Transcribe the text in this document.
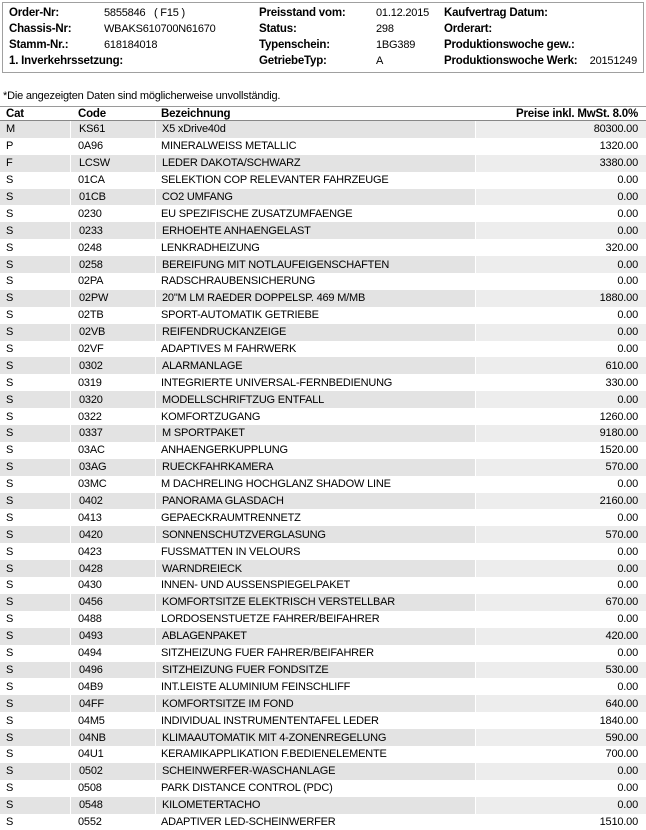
Order-Nr:	5855846   ( F15 )	Preisstand vom:	01.12.2015	Kaufvertrag Datum:
Chassis-Nr:	WBAKS610700N61670	Status:	298	Orderart:
Stamm-Nr.:	618184018	Typenschein:	1BG389	Produktionswoche gew.:
1. Inverkehrssetzung:	GetriebeTyp:	A	Produktionswoche Werk:	20151249
*Die angezeigten Daten sind möglicherweise unvollständig.
Cat	Code	Bezeichnung	Preise inkl. MwSt. 8.0%
M	KS61	X5 xDrive40d	80300.00
P	0A96	MINERALWEISS METALLIC	1320.00
F	LCSW	LEDER DAKOTA/SCHWARZ	3380.00
S	01CA	SELEKTION COP RELEVANTER FAHRZEUGE	0.00
S	01CB	CO2 UMFANG	0.00
S	0230	EU SPEZIFISCHE ZUSATZUMFAENGE	0.00
S	0233	ERHOEHTE ANHAENGELAST	0.00
S	0248	LENKRADHEIZUNG	320.00
S	0258	BEREIFUNG MIT NOTLAUFEIGENSCHAFTEN	0.00
S	02PA	RADSCHRAUBENSICHERUNG	0.00
S	02PW	20"M LM RAEDER DOPPELSP. 469 M/MB	1880.00
S	02TB	SPORT-AUTOMATIK GETRIEBE	0.00
S	02VB	REIFENDRUCKANZEIGE	0.00
S	02VF	ADAPTIVES M FAHRWERK	0.00
S	0302	ALARMANLAGE	610.00
S	0319	INTEGRIERTE UNIVERSAL-FERNBEDIENUNG	330.00
S	0320	MODELLSCHRIFTZUG ENTFALL	0.00
S	0322	KOMFORTZUGANG	1260.00
S	0337	M SPORTPAKET	9180.00
S	03AC	ANHAENGERKUPPLUNG	1520.00
S	03AG	RUECKFAHRKAMERA	570.00
S	03MC	M DACHRELING HOCHGLANZ SHADOW LINE	0.00
S	0402	PANORAMA GLASDACH	2160.00
S	0413	GEPAECKRAUMTRENNETZ	0.00
S	0420	SONNENSCHUTZVERGLASUNG	570.00
S	0423	FUSSMATTEN IN VELOURS	0.00
S	0428	WARNDREIECK	0.00
S	0430	INNEN- UND AUSSENSPIEGELPAKET	0.00
S	0456	KOMFORTSITZE ELEKTRISCH VERSTELLBAR	670.00
S	0488	LORDOSENSTUETZE FAHRER/BEIFAHRER	0.00
S	0493	ABLAGENPAKET	420.00
S	0494	SITZHEIZUNG FUER FAHRER/BEIFAHRER	0.00
S	0496	SITZHEIZUNG FUER FONDSITZE	530.00
S	04B9	INT.LEISTE ALUMINIUM FEINSCHLIFF	0.00
S	04FF	KOMFORTSITZE IM FOND	640.00
S	04M5	INDIVIDUAL INSTRUMENTENTAFEL LEDER	1840.00
S	04NB	KLIMAAUTOMATIK MIT 4-ZONENREGELUNG	590.00
S	04U1	KERAMIKAPPLIKATION F.BEDIENELEMENTE	700.00
S	0502	SCHEINWERFER-WASCHANLAGE	0.00
S	0508	PARK DISTANCE CONTROL (PDC)	0.00
S	0548	KILOMETERTACHO	0.00
S	0552	ADAPTIVER LED-SCHEINWERFER	1510.00
